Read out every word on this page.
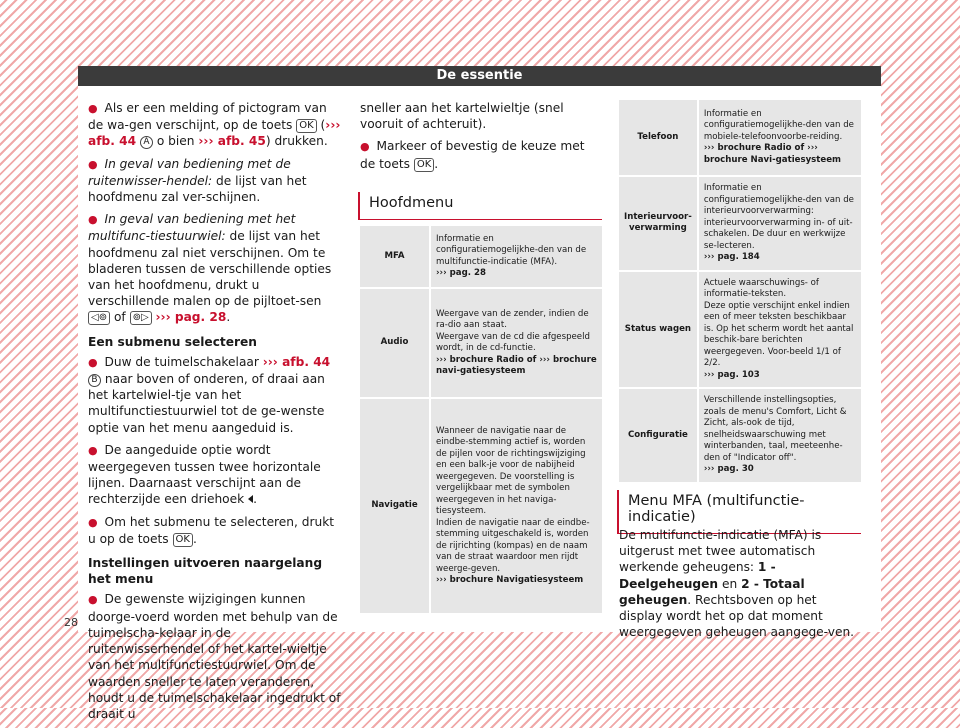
De essentie
● Als er een melding of pictogram van de wa-gen verschijnt, op de toets OK (››› afb. 44 A o bien ››› afb. 45) drukken.
● In geval van bediening met de ruitenwisser-hendel: de lijst van het hoofdmenu zal ver-schijnen.
● In geval van bediening met het multifunc-tiestuurwiel: de lijst van het hoofdmenu zal niet verschijnen. Om te bladeren tussen de verschillende opties van het hoofdmenu, drukt u verschillende malen op de pijltoet-sen ◁⊚ of ⊚▷ ››› pag. 28.
Een submenu selecteren
● Duw de tuimelschakelaar ››› afb. 44 B naar boven of onderen, of draai aan het kartelwiel-tje van het multifunctiestuurwiel tot de ge-wenste optie van het menu aangeduid is.
● De aangeduide optie wordt weergegeven tussen twee horizontale lijnen. Daarnaast verschijnt aan de rechterzijde een driehoek .
● Om het submenu te selecteren, drukt u op de toets OK .
Instellingen uitvoeren naargelang het menu
● De gewenste wijzigingen kunnen doorge-voerd worden met behulp van de tuimelscha-kelaar in de ruitenwisserhendel of het kartel-wieltje van het multifunctiestuurwiel. Om de waarden sneller te laten veranderen, houdt u de tuimelschakelaar ingedrukt of draait u
sneller aan het kartelwieltje (snel vooruit of achteruit).
● Markeer of bevestig de keuze met de toets OK .
Hoofdmenu
MFA	Informatie en configuratiemogelijkhe-den van de multifunctie-indicatie (MFA).
››› pag. 28

Audio	Weergave van de zender, indien de ra-dio aan staat.
Weergave van de cd die afgespeeld wordt, in de cd-functie.
››› brochure Radio of ››› brochure navi-gatiesysteem

Navigatie	Wanneer de navigatie naar de eindbe-stemming actief is, worden de pijlen voor de richtingswijziging en een balk-je voor de nabijheid weergegeven. De voorstelling is vergelijkbaar met de symbolen weergegeven in het naviga-tiesysteem.
Indien de navigatie naar de eindbe-stemming uitgeschakeld is, worden de rijrichting (kompas) en de naam van de straat waardoor men rijdt weerge-geven.
››› brochure Navigatiesysteem
Telefoon	Informatie en configuratiemogelijkhe-den van de mobiele-telefoonvoorbe-reiding.
››› brochure Radio of ››› brochure Navi-gatiesysteem

Interieurvoor-verwarming	Informatie en configuratiemogelijkhe-den van de interieurvoorverwarming: interieurvoorverwarming in- of uit-schakelen. De duur en werkwijze se-lecteren.
››› pag. 184

Status wagen	Actuele waarschuwings- of informatie-teksten.
Deze optie verschijnt enkel indien een of meer teksten beschikbaar is. Op het scherm wordt het aantal beschik-bare berichten weergegeven. Voor-beeld 1/1 of 2/2.
››› pag. 103

Configuratie	Verschillende instellingsopties, zoals de menu's Comfort, Licht & Zicht, als-ook de tijd, snelheidswaarschuwing met winterbanden, taal, meeteenhe-den of "Indicator off".
››› pag. 30
Menu MFA (multifunctie-indicatie)
De multifunctie-indicatie (MFA) is uitgerust met twee automatisch werkende geheugens: 1 - Deelgeheugen en 2 - Totaal geheugen. Rechtsboven op het display wordt het op dat moment weergegeven geheugen aangege-ven.
28
